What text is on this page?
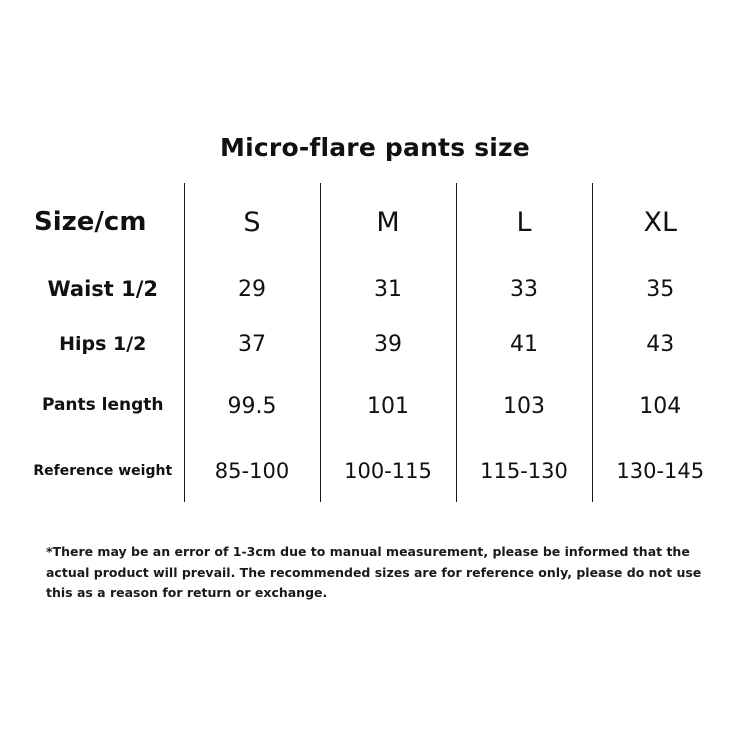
Micro-flare pants size
Size/cm	S	M	L	XL
Waist 1/2	29	31	33	35
Hips 1/2	37	39	41	43
Pants length	99.5	101	103	104
Reference weight	85-100	100-115	115-130	130-145
*There may be an error of 1-3cm due to manual measurement, please be informed that the actual product will prevail. The recommended sizes are for reference only, please do not use this as a reason for return or exchange.
